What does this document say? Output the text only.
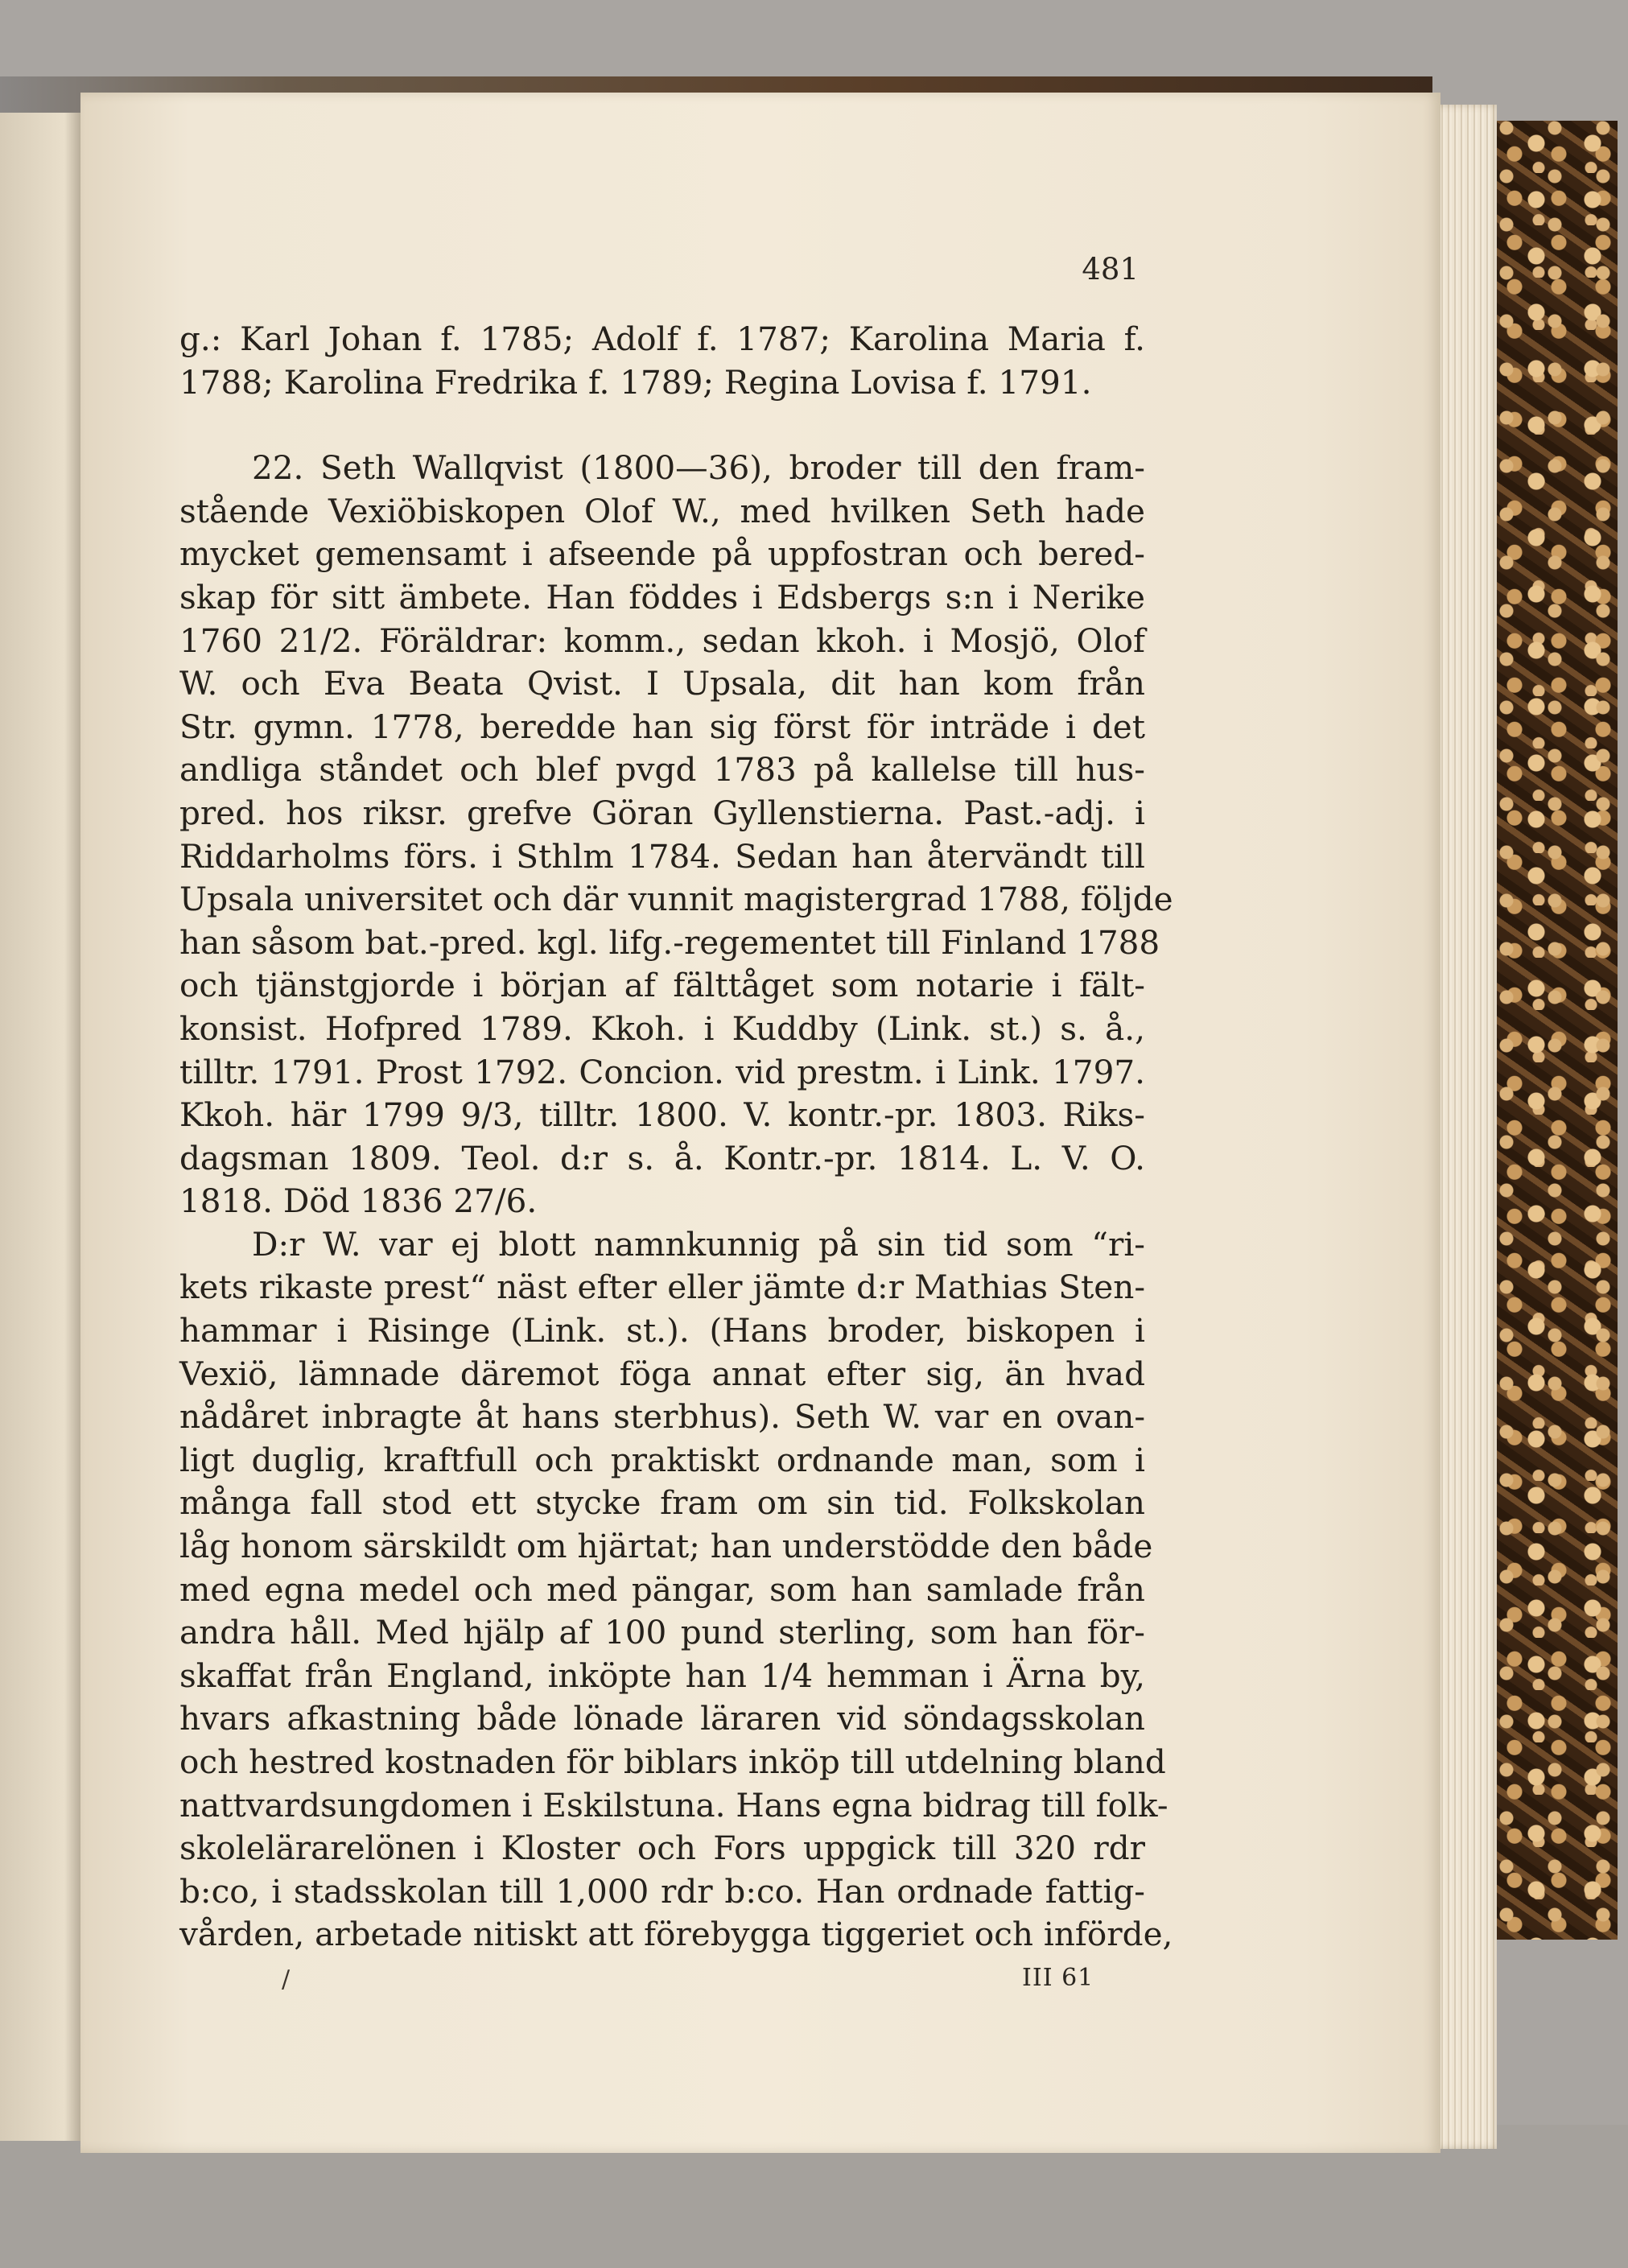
481
g.: Karl Johan f. 1785; Adolf f. 1787; Karolina Maria f.
1788; Karolina Fredrika f. 1789; Regina Lovisa f. 1791.
22. Seth Wallqvist (1800—36), broder till den fram-
stående Vexiöbiskopen Olof W., med hvilken Seth hade
mycket gemensamt i afseende på uppfostran och bered-
skap för sitt ämbete. Han föddes i Edsbergs s:n i Nerike
1760 21/2. Föräldrar: komm., sedan kkoh. i Mosjö, Olof
W. och Eva Beata Qvist. I Upsala, dit han kom från
Str. gymn. 1778, beredde han sig först för inträde i det
andliga ståndet och blef pvgd 1783 på kallelse till hus-
pred. hos riksr. grefve Göran Gyllenstierna. Past.-adj. i
Riddarholms förs. i Sthlm 1784. Sedan han återvändt till
Upsala universitet och där vunnit magistergrad 1788, följde
han såsom bat.-pred. kgl. lifg.-regementet till Finland 1788
och tjänstgjorde i början af fälttåget som notarie i fält-
konsist. Hofpred 1789. Kkoh. i Kuddby (Link. st.) s. å.,
tilltr. 1791. Prost 1792. Concion. vid prestm. i Link. 1797.
Kkoh. här 1799 9/3, tilltr. 1800. V. kontr.-pr. 1803. Riks-
dagsman 1809. Teol. d:r s. å. Kontr.-pr. 1814. L. V. O.
1818. Död 1836 27/6.
D:r W. var ej blott namnkunnig på sin tid som “ri-
kets rikaste prest“ näst efter eller jämte d:r Mathias Sten-
hammar i Risinge (Link. st.). (Hans broder, biskopen i
Vexiö, lämnade däremot föga annat efter sig, än hvad
nådåret inbragte åt hans sterbhus). Seth W. var en ovan-
ligt duglig, kraftfull och praktiskt ordnande man, som i
många fall stod ett stycke fram om sin tid. Folkskolan
låg honom särskildt om hjärtat; han understödde den både
med egna medel och med pängar, som han samlade från
andra håll. Med hjälp af 100 pund sterling, som han för-
skaffat från England, inköpte han 1/4 hemman i Ärna by,
hvars afkastning både lönade läraren vid söndagsskolan
och hestred kostnaden för biblars inköp till utdelning bland
nattvardsungdomen i Eskilstuna. Hans egna bidrag till folk-
skolelärarelönen i Kloster och Fors uppgick till 320 rdr
b:co, i stadsskolan till 1,000 rdr b:co. Han ordnade fattig-
vården, arbetade nitiskt att förebygga tiggeriet och införde,
/	III 61
